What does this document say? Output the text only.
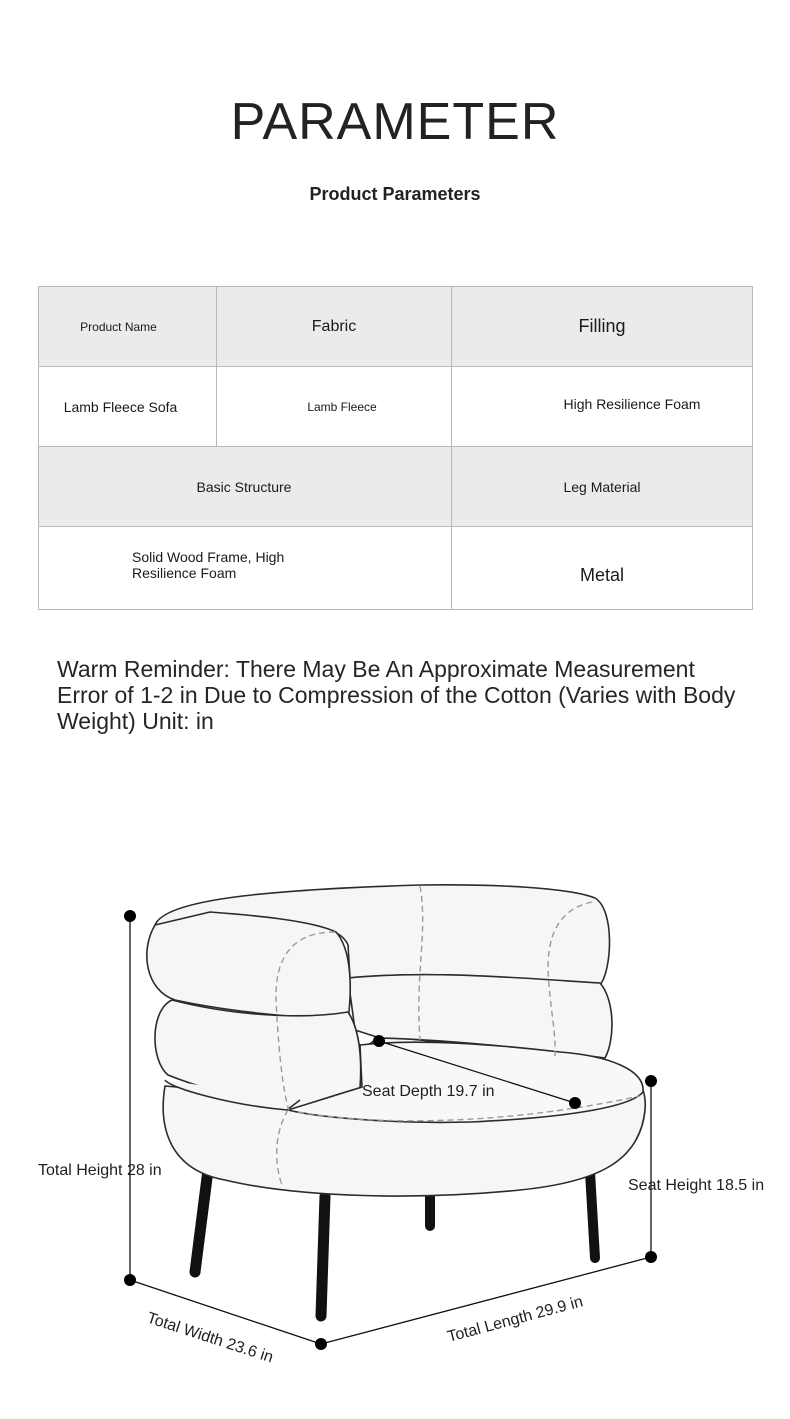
PARAMETER
Product Parameters
Product Name	Fabric	Filling
Lamb Fleece Sofa	Lamb Fleece	High Resilience Foam
Basic Structure		Leg Material
Solid Wood Frame, High Resilience Foam		Metal

Warm Reminder: There May Be An Approximate Measurement Error of 1-2 in Due to Compression of the Cotton (Varies with Body Weight) Unit: in

Seat Depth 19.7 in
Total Height 28 in
Seat Height 18.5 in
Total Width 23.6 in	Total Length 29.9 in
